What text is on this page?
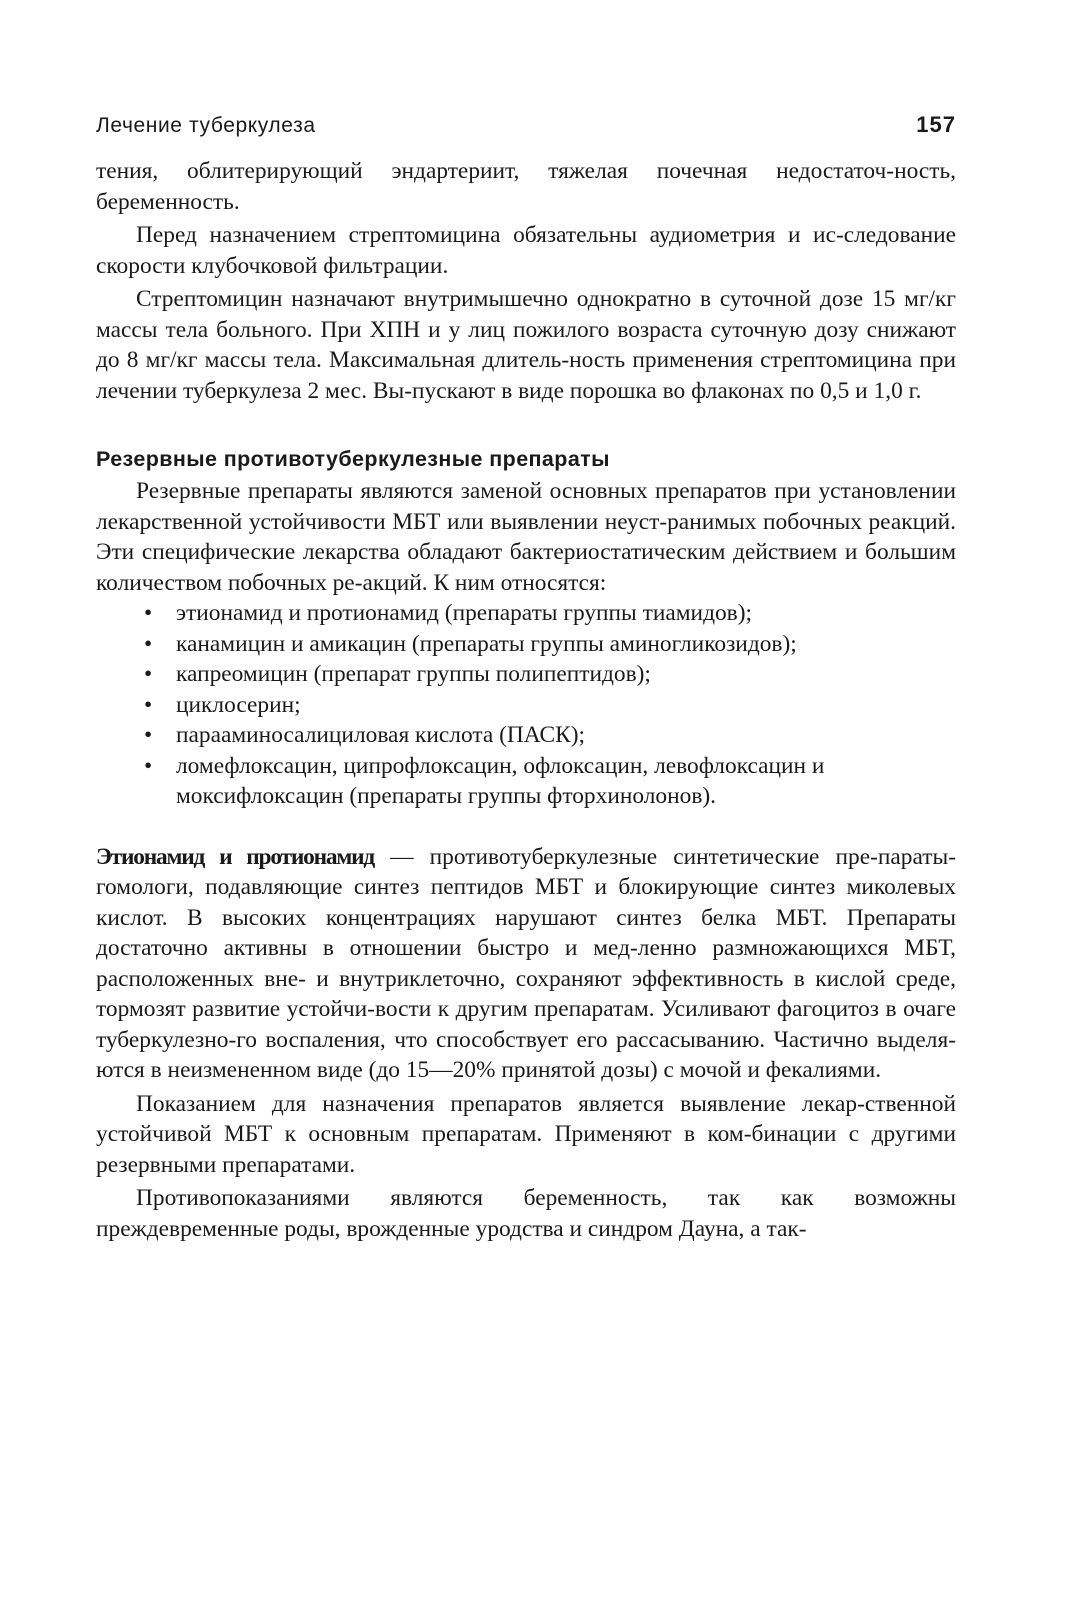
Лечение туберкулеза	157

тения, облитерирующий эндартериит, тяжелая почечная недостаточ-ность, беременность.

Перед назначением стрептомицина обязательны аудиометрия и ис-следование скорости клубочковой фильтрации.

Стрептомицин назначают внутримышечно однократно в суточной дозе 15 мг/кг массы тела больного. При ХПН и у лиц пожилого возраста суточную дозу снижают до 8 мг/кг массы тела. Максимальная длитель-ность применения стрептомицина при лечении туберкулеза 2 мес. Вы-пускают в виде порошка во флаконах по 0,5 и 1,0 г.

Резервные противотуберкулезные препараты

Резервные препараты являются заменой основных препаратов при установлении лекарственной устойчивости МБТ или выявлении неуст-ранимых побочных реакций. Эти специфические лекарства обладают бактериостатическим действием и большим количеством побочных ре-акций. К ним относятся:

•	этионамид и протионамид (препараты группы тиамидов);
•	канамицин и амикацин (препараты группы аминогликозидов);
•	капреомицин (препарат группы полипептидов);
•	циклосерин;
•	парааминосалициловая кислота (ПАСК);
•	ломефлоксацин, ципрофлоксацин, офлоксацин, левофлоксацин и моксифлоксацин (препараты группы фторхинолонов).

Этионамид и протионамид — противотуберкулезные синтетические пре-параты-гомологи, подавляющие синтез пептидов МБТ и блокирующие синтез миколевых кислот. В высоких концентрациях нарушают синтез белка МБТ. Препараты достаточно активны в отношении быстро и мед-ленно размножающихся МБТ, расположенных вне- и внутриклеточно, сохраняют эффективность в кислой среде, тормозят развитие устойчи-вости к другим препаратам. Усиливают фагоцитоз в очаге туберкулезно-го воспаления, что способствует его рассасыванию. Частично выделя-ются в неизмененном виде (до 15—20% принятой дозы) с мочой и фекалиями.

Показанием для назначения препаратов является выявление лекар-ственной устойчивой МБТ к основным препаратам. Применяют в ком-бинации с другими резервными препаратами.

Противопоказаниями являются беременность, так как возможны преждевременные роды, врожденные уродства и синдром Дауна, а так-
